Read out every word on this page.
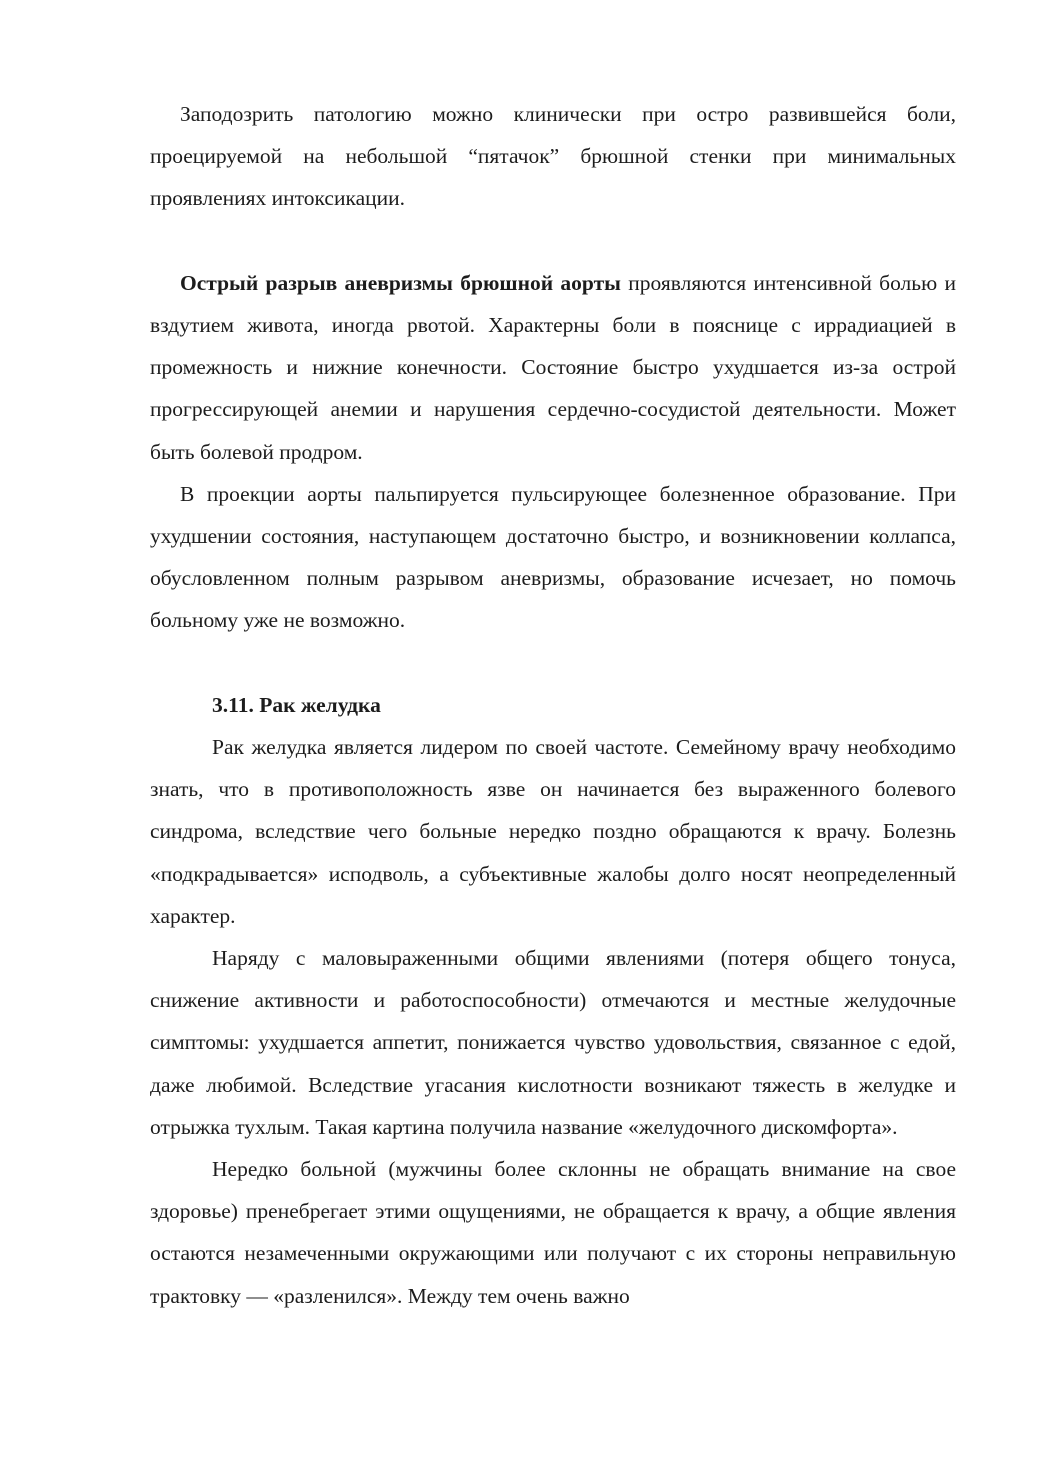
Заподозрить патологию можно клинически при остро развившейся боли, проецируемой на небольшой “пятачок” брюшной стенки при минимальных проявлениях интоксикации.

Острый разрыв аневризмы брюшной аорты проявляются интенсивной болью и вздутием живота, иногда рвотой. Характерны боли в пояснице с иррадиацией в промежность и нижние конечности. Состояние быстро ухудшается из-за острой прогрессирующей анемии и нарушения сердечно-сосудистой деятельности. Может быть болевой продром.

В проекции аорты пальпируется пульсирующее болезненное образование. При ухудшении состояния, наступающем достаточно быстро, и возникновении коллапса, обусловленном полным разрывом аневризмы, образование исчезает, но помочь больному уже не возможно.

3.11. Рак желудка

Рак желудка является лидером по своей частоте. Семейному врачу необходимо знать, что в противоположность язве он начинается без выраженного болевого синдрома, вследствие чего больные нередко поздно обращаются к врачу. Болезнь «подкрадывается» исподволь, а субъективные жалобы долго носят неопределенный характер.

Наряду с маловыраженными общими явлениями (потеря общего тонуса, снижение активности и работоспособности) отмечаются и местные желудочные симптомы: ухудшается аппетит, понижается чувство удовольствия, связанное с едой, даже любимой. Вследствие угасания кислотности возникают тяжесть в желудке и отрыжка тухлым. Такая картина получила название «желудочного дискомфорта».

Нередко больной (мужчины более склонны не обращать внимание на свое здоровье) пренебрегает этими ощущениями, не обращается к врачу, а общие явления остаются незамеченными окружающими или получают с их стороны неправильную трактовку — «разленился». Между тем очень важно
